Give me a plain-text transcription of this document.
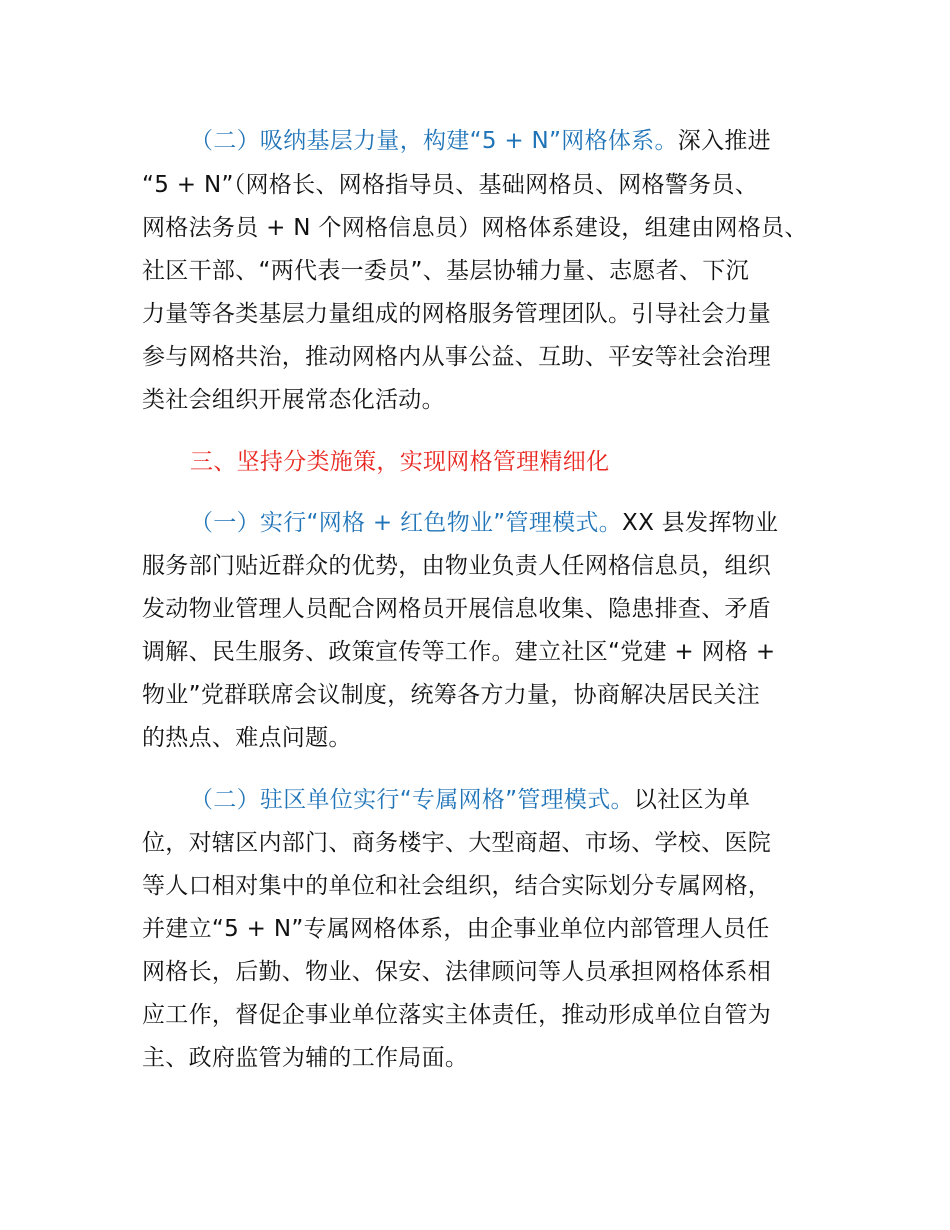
（二）吸纳基层力量，构建“5 + N”网格体系。深入推进
“5 + N”（网格长、网格指导员、基础网格员、网格警务员、
网格法务员 + N 个网格信息员）网格体系建设，组建由网格员、
社区干部、“两代表一委员”、基层协辅力量、志愿者、下沉
力量等各类基层力量组成的网格服务管理团队。引导社会力量
参与网格共治，推动网格内从事公益、互助、平安等社会治理
类社会组织开展常态化活动。
三、坚持分类施策，实现网格管理精细化
（一）实行“网格 + 红色物业”管理模式。XX 县发挥物业
服务部门贴近群众的优势，由物业负责人任网格信息员，组织
发动物业管理人员配合网格员开展信息收集、隐患排查、矛盾
调解、民生服务、政策宣传等工作。建立社区“党建 + 网格 +
物业”党群联席会议制度，统筹各方力量，协商解决居民关注
的热点、难点问题。
（二）驻区单位实行“专属网格”管理模式。以社区为单
位，对辖区内部门、商务楼宇、大型商超、市场、学校、医院
等人口相对集中的单位和社会组织，结合实际划分专属网格，
并建立“5 + N”专属网格体系，由企事业单位内部管理人员任
网格长，后勤、物业、保安、法律顾问等人员承担网格体系相
应工作，督促企事业单位落实主体责任，推动形成单位自管为
主、政府监管为辅的工作局面。
